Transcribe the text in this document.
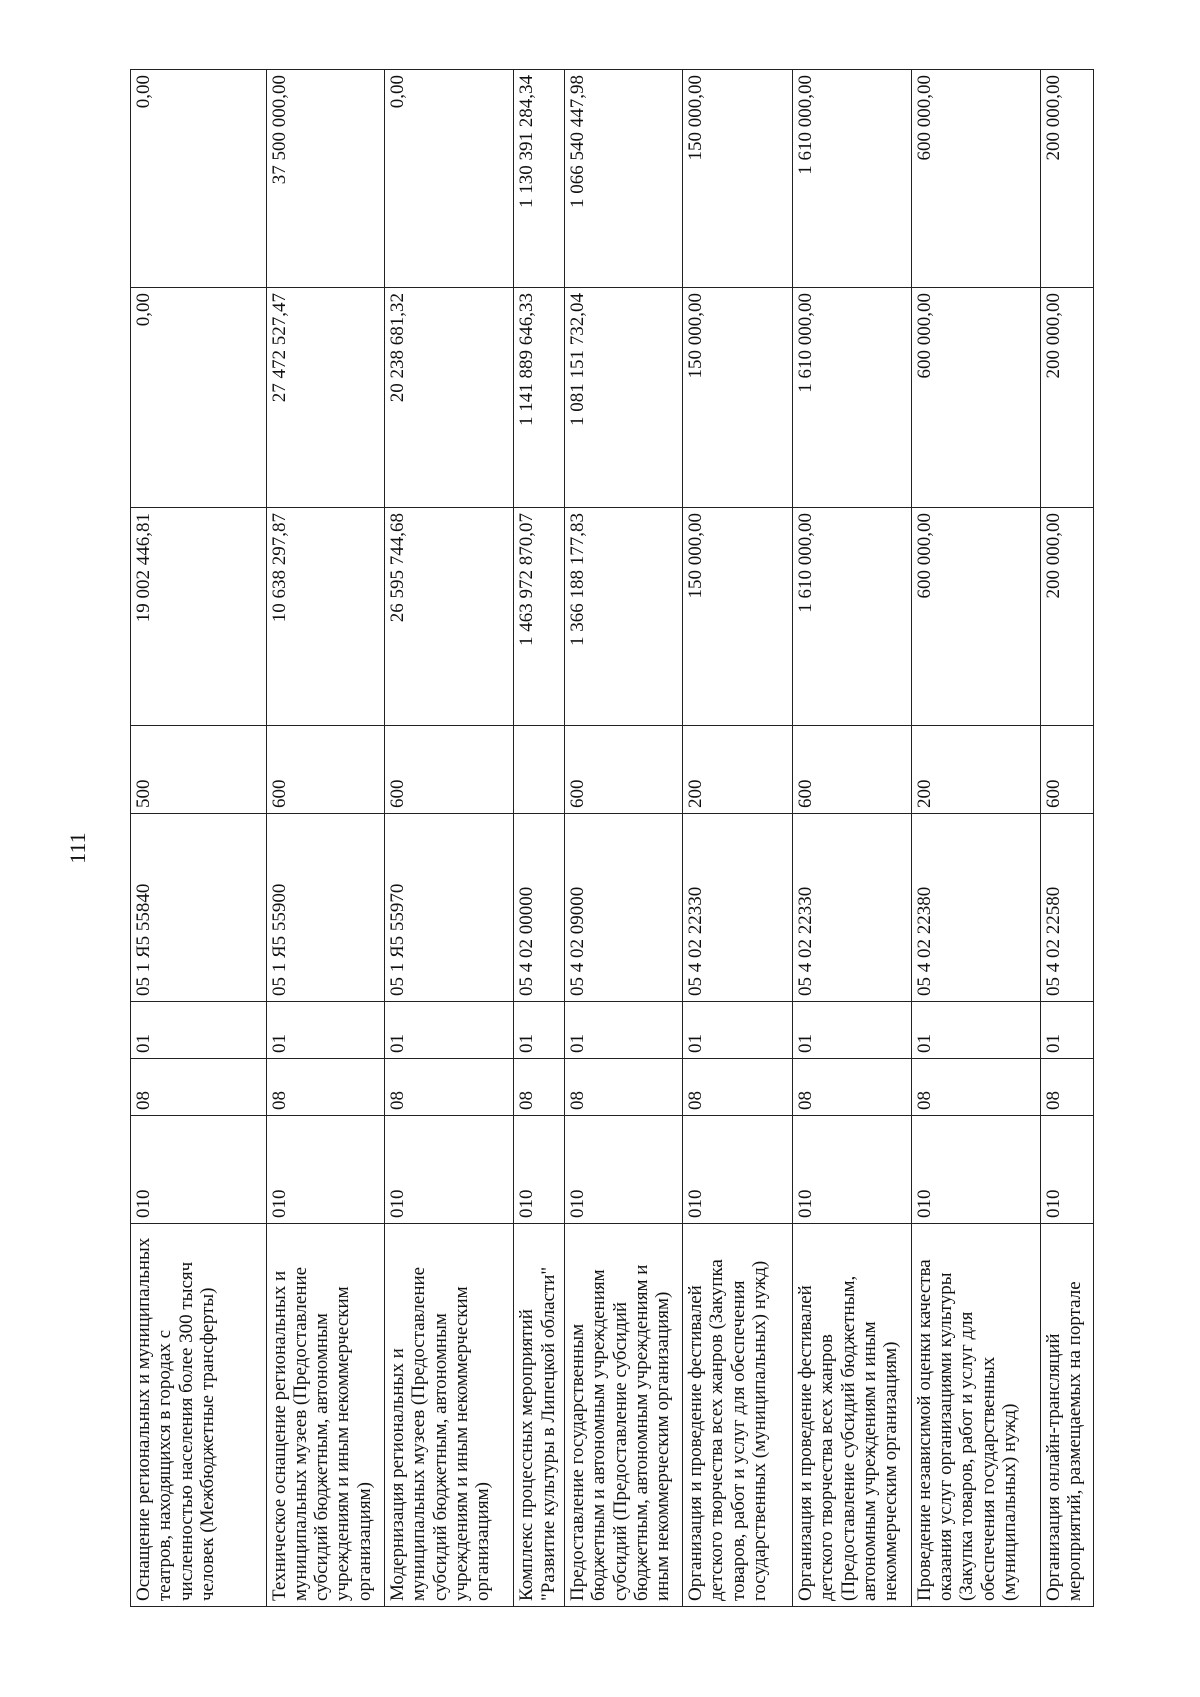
111
Оснащение региональных и муниципальных театров, находящихся в городах с численностью населения более 300 тысяч человек (Межбюджетные трансферты)	010	08	01	05 1 Я5 55840	500	19 002 446,81	0,00	0,00
Техническое оснащение региональных и муниципальных музеев (Предоставление субсидий бюджетным, автономным учреждениям и иным некоммерческим организациям)	010	08	01	05 1 Я5 55900	600	10 638 297,87	27 472 527,47	37 500 000,00
Модернизация региональных и муниципальных музеев (Предоставление субсидий бюджетным, автономным учреждениям и иным некоммерческим организациям)	010	08	01	05 1 Я5 55970	600	26 595 744,68	20 238 681,32	0,00
Комплекс процессных мероприятий "Развитие культуры в Липецкой области"	010	08	01	05 4 02 00000		1 463 972 870,07	1 141 889 646,33	1 130 391 284,34
Предоставление государственным бюджетным и автономным учреждениям субсидий (Предоставление субсидий бюджетным, автономным учреждениям и иным некоммерческим организациям)	010	08	01	05 4 02 09000	600	1 366 188 177,83	1 081 151 732,04	1 066 540 447,98
Организация и проведение фестивалей детского творчества всех жанров (Закупка товаров, работ и услуг для обеспечения государственных (муниципальных) нужд)	010	08	01	05 4 02 22330	200	150 000,00	150 000,00	150 000,00
Организация и проведение фестивалей детского творчества всех жанров (Предоставление субсидий бюджетным, автономным учреждениям и иным некоммерческим организациям)	010	08	01	05 4 02 22330	600	1 610 000,00	1 610 000,00	1 610 000,00
Проведение независимой оценки качества оказания услуг организациями культуры (Закупка товаров, работ и услуг для обеспечения государственных (муниципальных) нужд)	010	08	01	05 4 02 22380	200	600 000,00	600 000,00	600 000,00
Организация онлайн-трансляций мероприятий, размещаемых на портале	010	08	01	05 4 02 22580	600	200 000,00	200 000,00	200 000,00
